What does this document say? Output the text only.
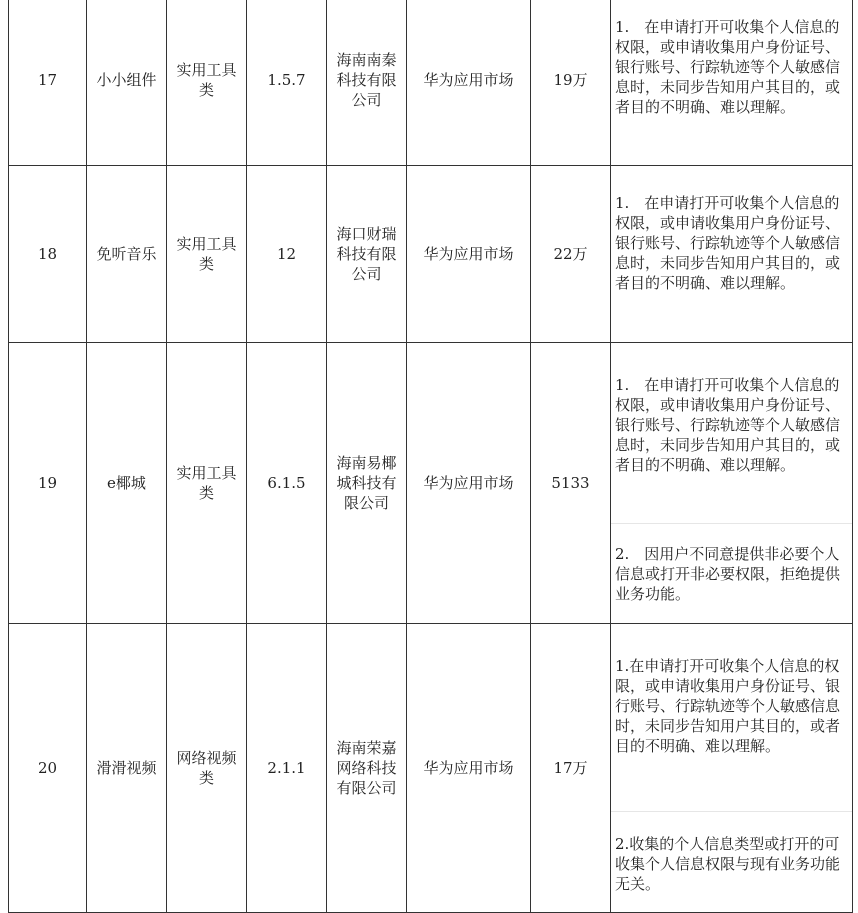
17	小小组件	实用工具类	1.5.7	海南南秦科技有限公司	华为应用市场	19万	1.　在申请打开可收集个人信息的权限，或申请收集用户身份证号、银行账号、行踪轨迹等个人敏感信息时，未同步告知用户其目的，或者目的不明确、难以理解。

18	免听音乐	实用工具类	12	海口财瑞科技有限公司	华为应用市场	22万	1.　在申请打开可收集个人信息的权限，或申请收集用户身份证号、银行账号、行踪轨迹等个人敏感信息时，未同步告知用户其目的，或者目的不明确、难以理解。

19	e椰城	实用工具类	6.1.5	海南易椰城科技有限公司	华为应用市场	5133	1.　在申请打开可收集个人信息的权限，或申请收集用户身份证号、银行账号、行踪轨迹等个人敏感信息时，未同步告知用户其目的，或者目的不明确、难以理解。
2.　因用户不同意提供非必要个人信息或打开非必要权限，拒绝提供业务功能。

20	滑滑视频	网络视频类	2.1.1	海南荣嘉网络科技有限公司	华为应用市场	17万	1.在申请打开可收集个人信息的权限，或申请收集用户身份证号、银行账号、行踪轨迹等个人敏感信息时，未同步告知用户其目的，或者目的不明确、难以理解。
2.收集的个人信息类型或打开的可收集个人信息权限与现有业务功能无关。
